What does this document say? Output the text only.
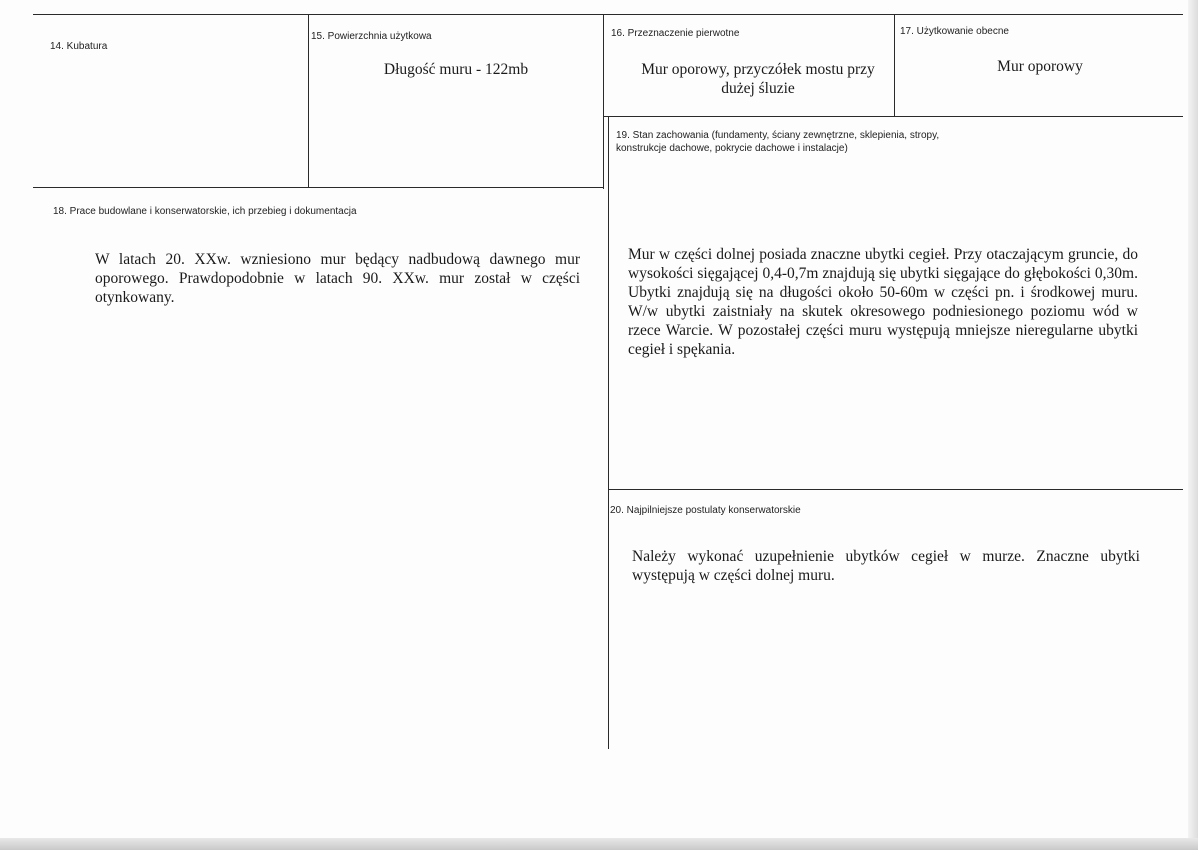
14. Kubatura
15. Powierzchnia użytkowa
Długość muru - 122mb
16. Przeznaczenie pierwotne
Mur oporowy, przyczółek mostu przy dużej śluzie
17. Użytkowanie obecne
Mur oporowy
18. Prace budowlane i konserwatorskie, ich przebieg i dokumentacja
W latach 20. XXw. wzniesiono mur będący nadbudową dawnego mur oporowego. Prawdopodobnie w latach 90. XXw. mur został w części otynkowany.
19. Stan zachowania (fundamenty, ściany zewnętrzne, sklepienia, stropy, konstrukcje dachowe, pokrycie dachowe i instalacje)
Mur w części dolnej posiada znaczne ubytki cegieł. Przy otaczającym gruncie, do wysokości sięgającej 0,4-0,7m znajdują się ubytki sięgające do głębokości 0,30m. Ubytki znajdują się na długości około 50-60m w części pn. i środkowej muru. W/w ubytki zaistniały na skutek okresowego podniesionego poziomu wód w rzece Warcie. W pozostałej części muru występują mniejsze nieregularne ubytki cegieł i spękania.
20. Najpilniejsze postulaty konserwatorskie
Należy wykonać uzupełnienie ubytków cegieł w murze. Znaczne ubytki występują w części dolnej muru.
